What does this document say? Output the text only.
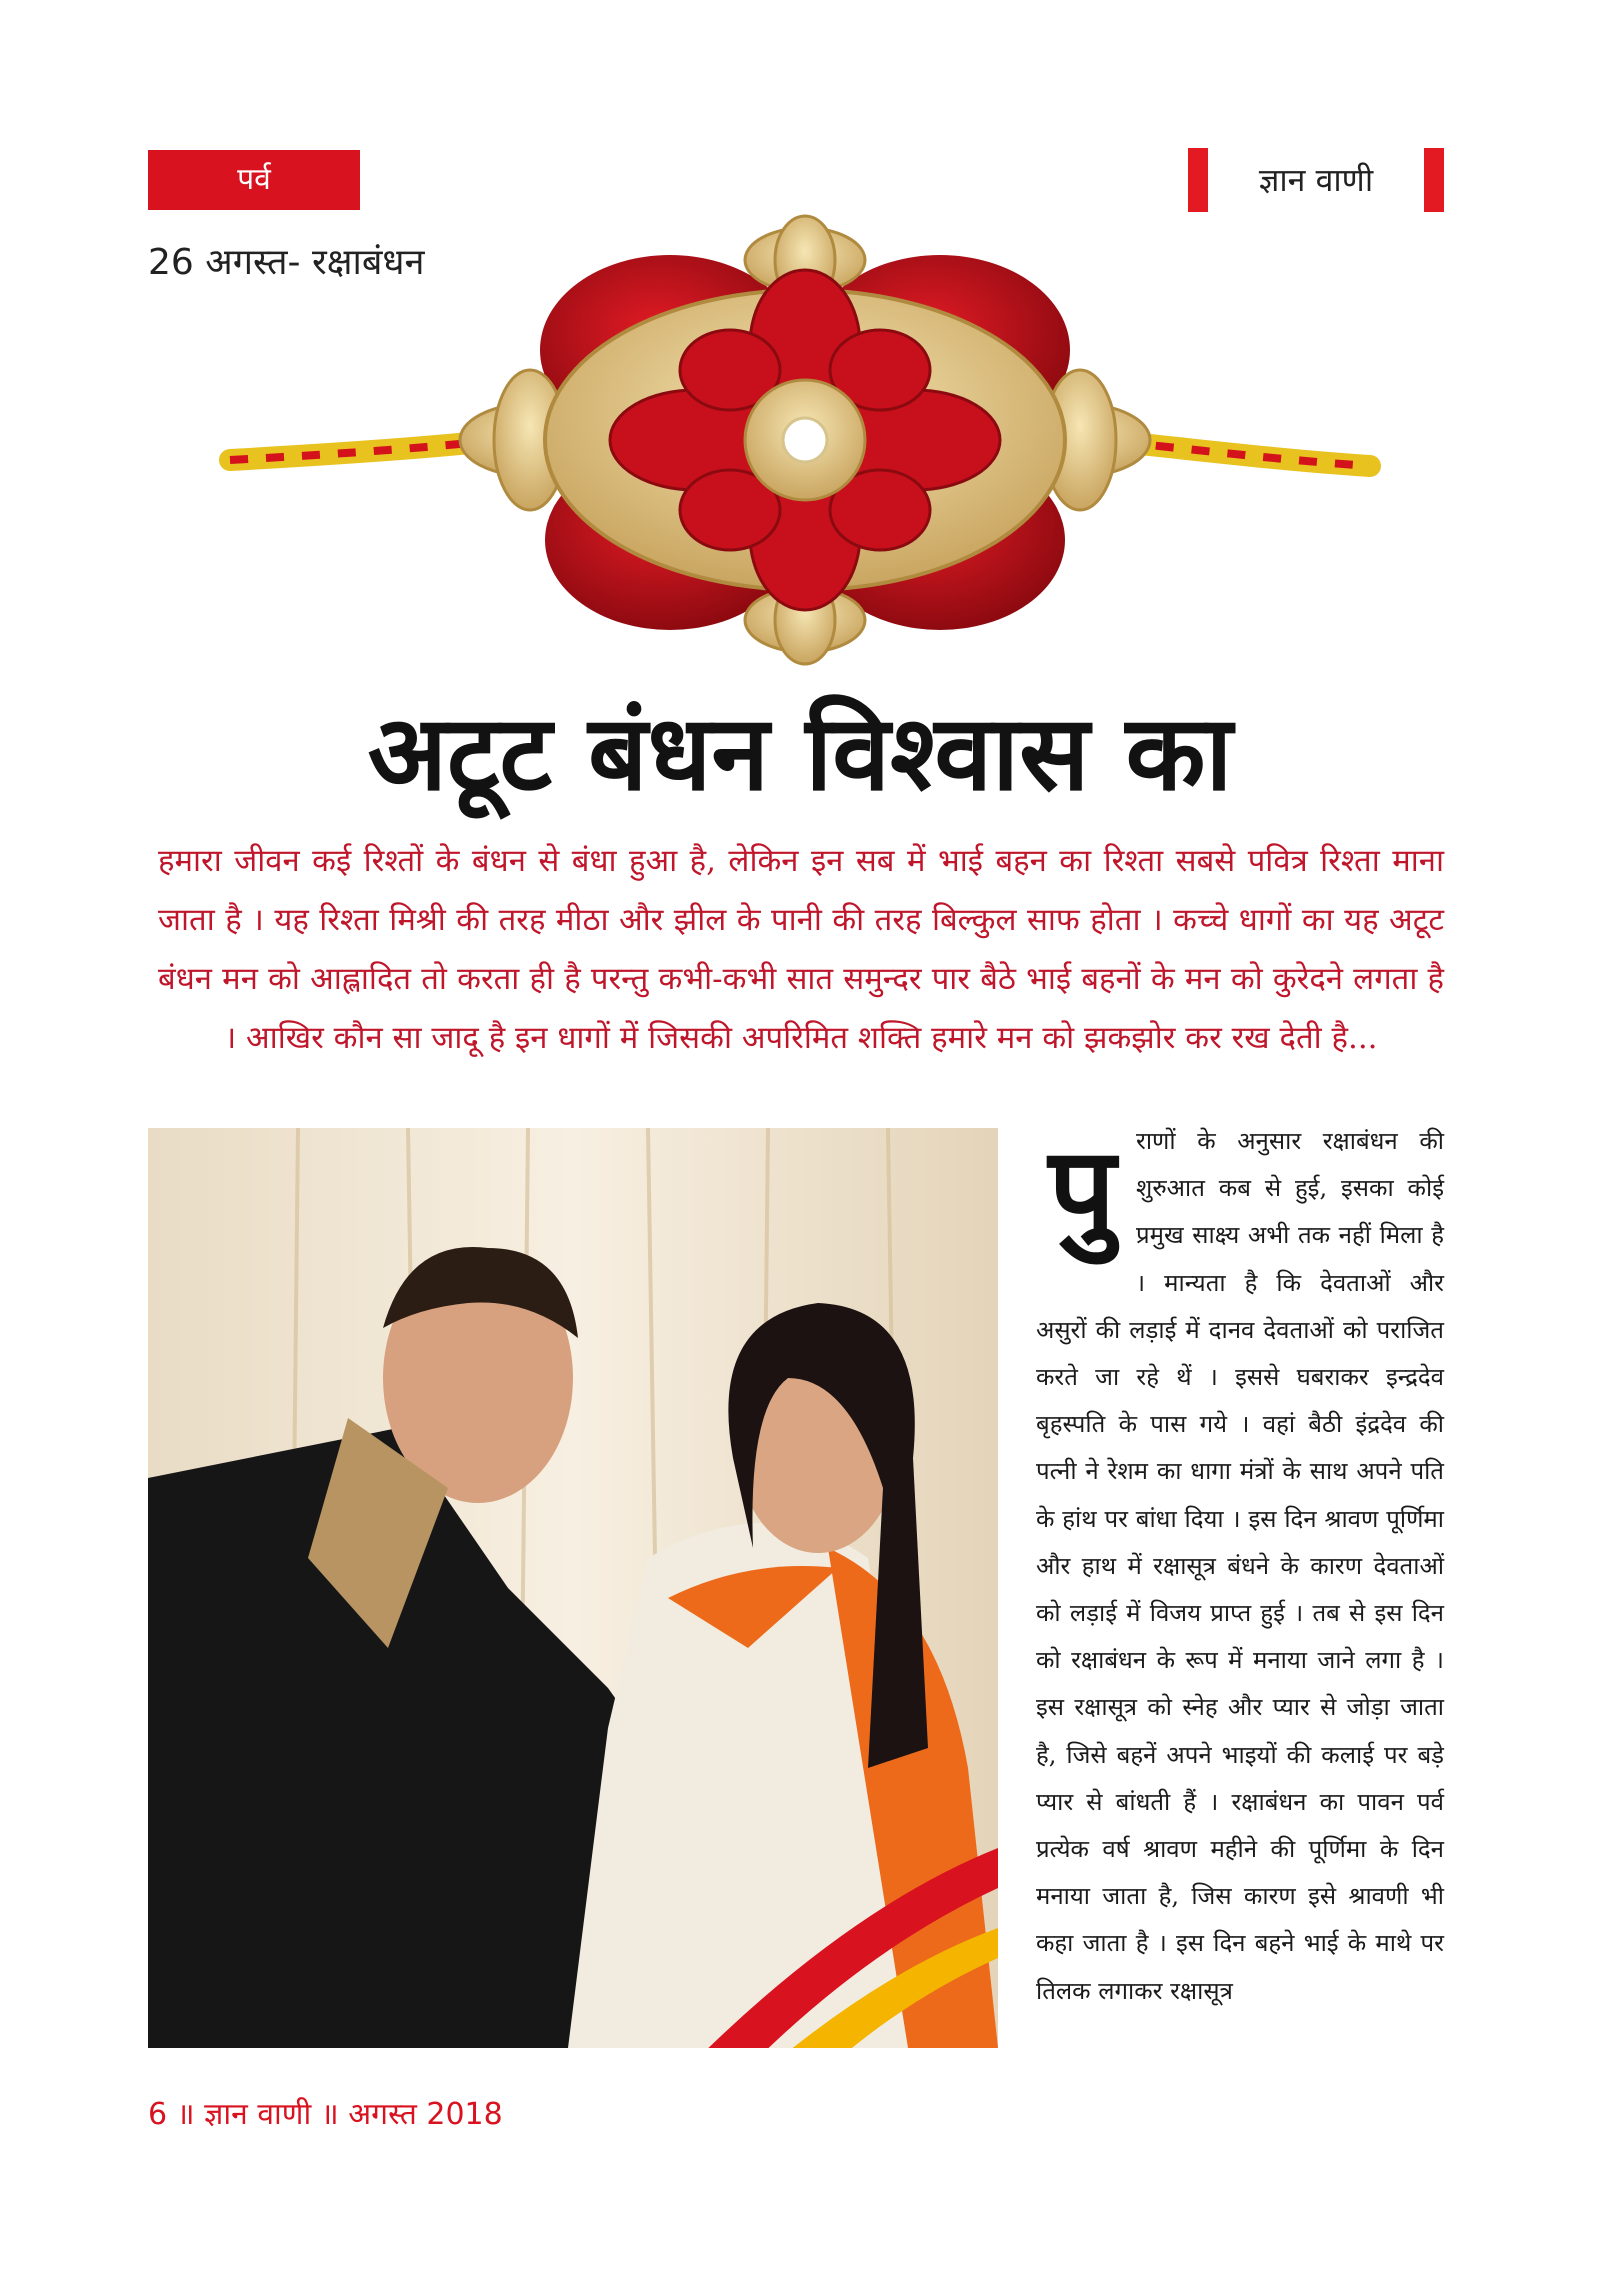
पर्व	ज्ञान वाणी
26 अगस्त- रक्षाबंधन
अटूट बंधन विश्वास का
हमारा जीवन कई रिश्तों के बंधन से बंधा हुआ है, लेकिन इन सब में भाई बहन का रिश्ता सबसे पवित्र रिश्ता माना जाता है । यह रिश्ता मिश्री की तरह मीठा और झील के पानी की तरह बिल्कुल साफ होता । कच्चे धागों का यह अटूट बंधन मन को आह्लादित तो करता ही है परन्तु कभी-कभी सात समुन्दर पार बैठे भाई बहनों के मन को कुरेदने लगता है । आखिर कौन सा जादू है इन धागों में जिसकी अपरिमित शक्ति हमारे मन को झकझोर कर रख देती है...
पु राणों के अनुसार रक्षाबंधन की शुरुआत कब से हुई, इसका कोई प्रमुख साक्ष्य अभी तक नहीं मिला है । मान्यता है कि देवताओं और असुरों की लड़ाई में दानव देवताओं को पराजित करते जा रहे थें । इससे घबराकर इन्द्रदेव बृहस्पति के पास गये । वहां बैठी इंद्रदेव की पत्नी ने रेशम का धागा मंत्रों के साथ अपने पति के हांथ पर बांधा दिया । इस दिन श्रावण पूर्णिमा और हाथ में रक्षासूत्र बंधने के कारण देवताओं को लड़ाई में विजय प्राप्त हुई । तब से इस दिन को रक्षाबंधन के रूप में मनाया जाने लगा है । इस रक्षासूत्र को स्नेह और प्यार से जोड़ा जाता है, जिसे बहनें अपने भाइयों की कलाई पर बड़े प्यार से बांधती हैं । रक्षाबंधन का पावन पर्व प्रत्येक वर्ष श्रावण महीने की पूर्णिमा के दिन मनाया जाता है, जिस कारण इसे श्रावणी भी कहा जाता है । इस दिन बहने भाई के माथे पर तिलक लगाकर रक्षासूत्र
6 ॥ ज्ञान वाणी ॥ अगस्त 2018
